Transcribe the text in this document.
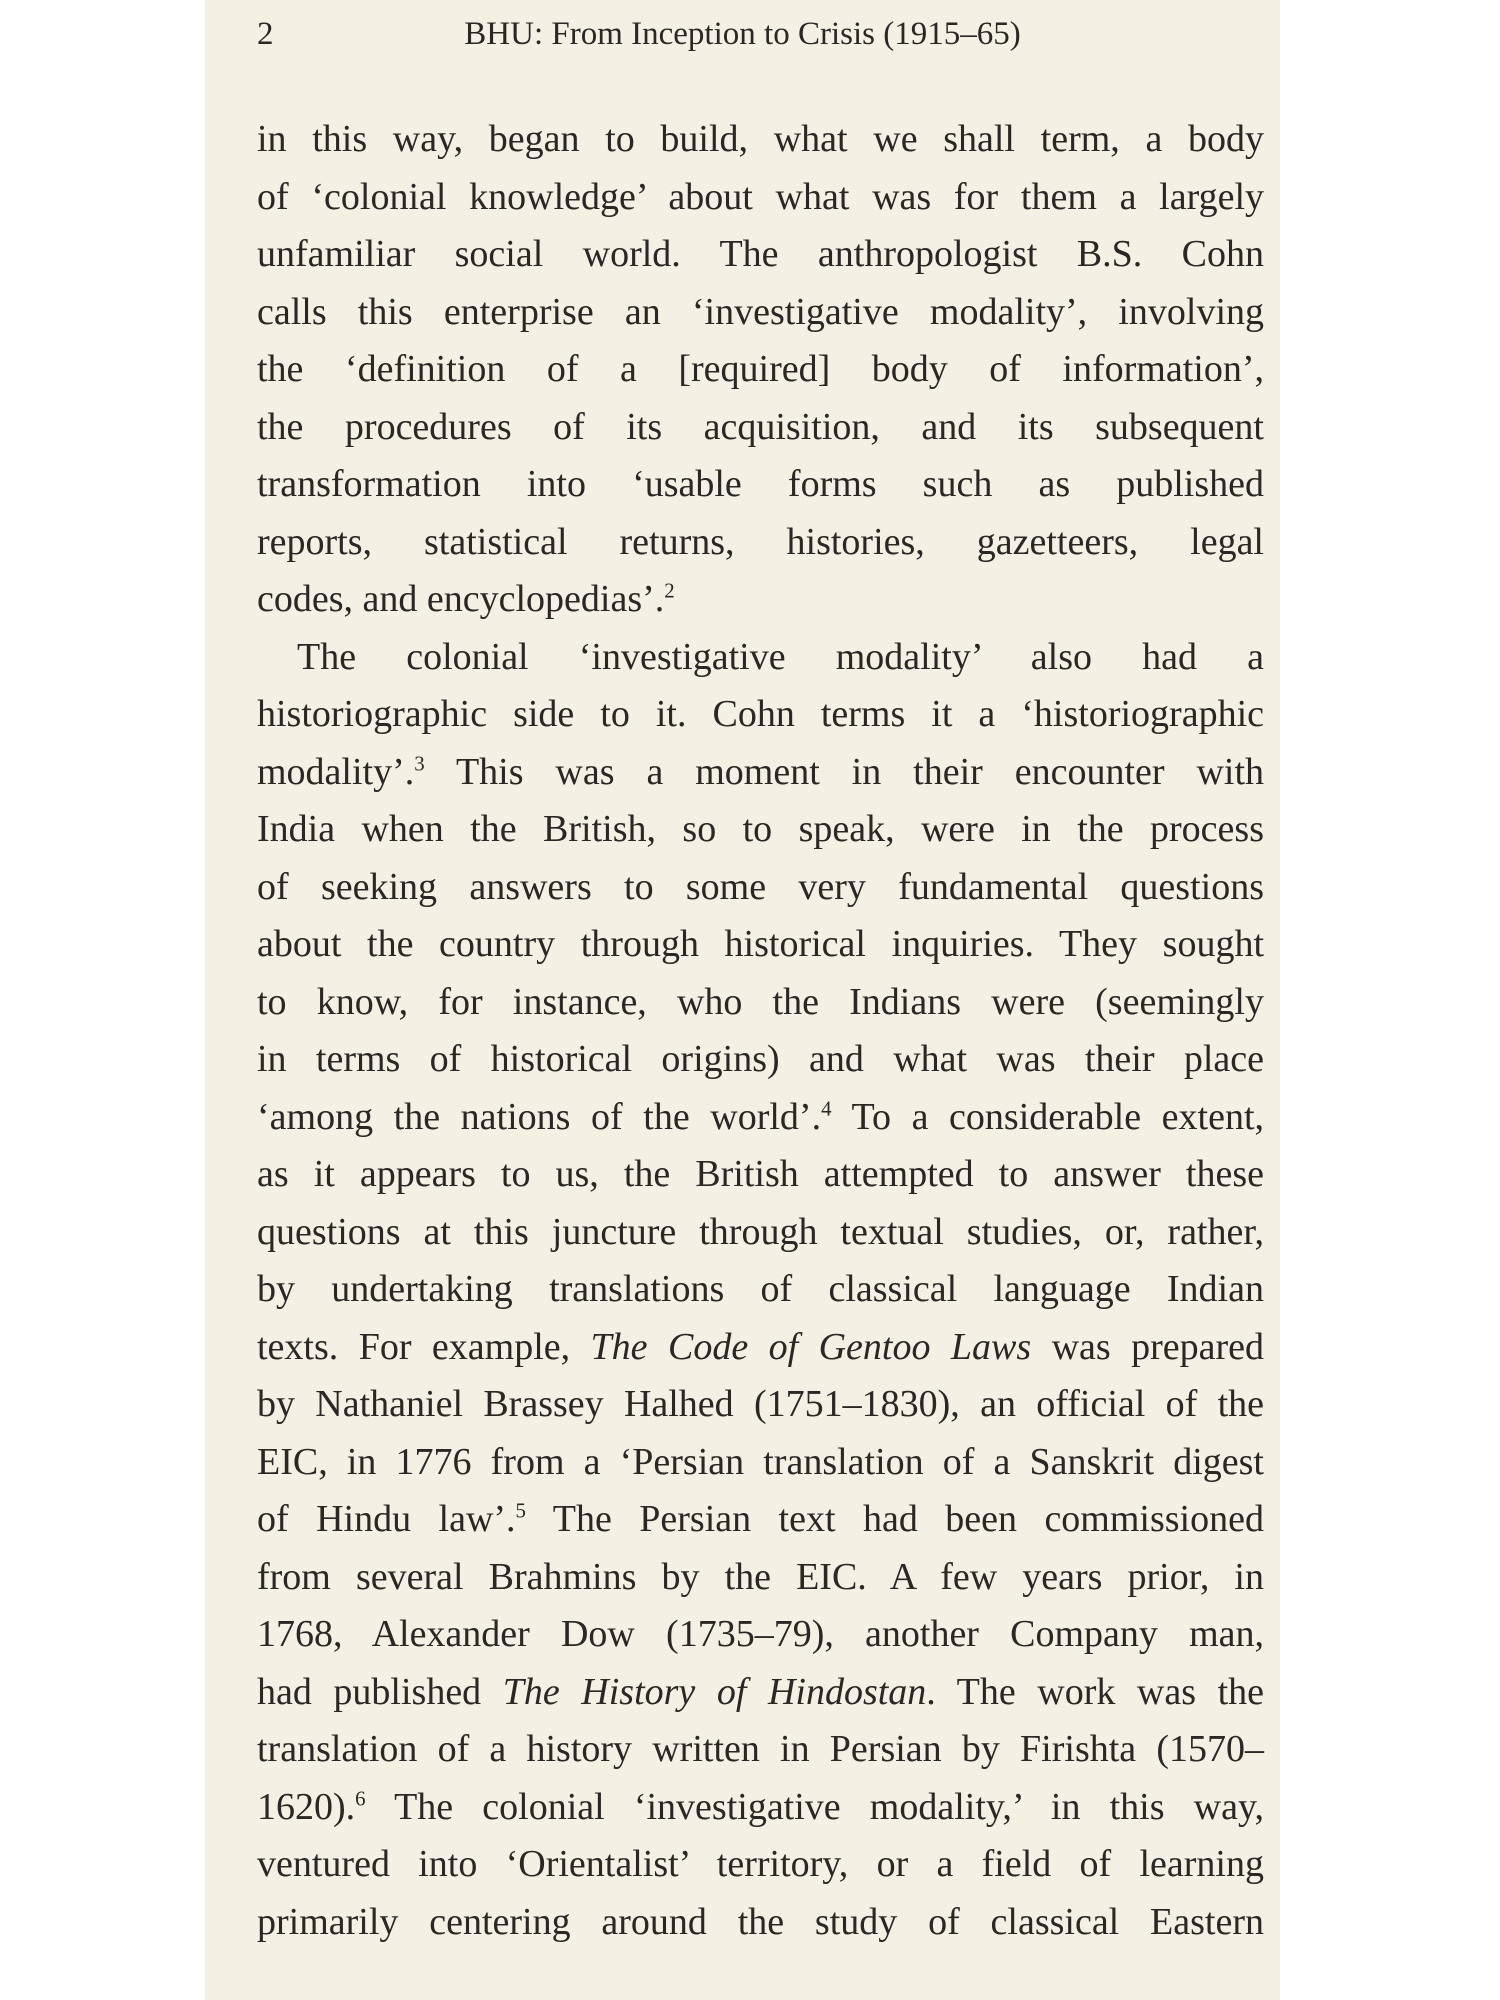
2	BHU: From Inception to Crisis (1915–65)
in this way, began to build, what we shall term, a body
of ‘colonial knowledge’ about what was for them a largely
unfamiliar social world. The anthropologist B.S. Cohn
calls this enterprise an ‘investigative modality’, involving
the ‘definition of a [required] body of information’,
the procedures of its acquisition, and its subsequent
transformation into ‘usable forms such as published
reports, statistical returns, histories, gazetteers, legal
codes, and encyclopedias’.$^2$
The colonial ‘investigative modality’ also had a
historiographic side to it. Cohn terms it a ‘historiographic
modality’.$^3$ This was a moment in their encounter with
India when the British, so to speak, were in the process
of seeking answers to some very fundamental questions
about the country through historical inquiries. They sought
to know, for instance, who the Indians were (seemingly
in terms of historical origins) and what was their place
‘among the nations of the world’.$^4$ To a considerable extent,
as it appears to us, the British attempted to answer these
questions at this juncture through textual studies, or, rather,
by undertaking translations of classical language Indian
texts. For example, The Code of Gentoo Laws was prepared
by Nathaniel Brassey Halhed (1751–1830), an official of the
EIC, in 1776 from a ‘Persian translation of a Sanskrit digest
of Hindu law’.$^5$ The Persian text had been commissioned
from several Brahmins by the EIC. A few years prior, in
1768, Alexander Dow (1735–79), another Company man,
had published The History of Hindostan. The work was the
translation of a history written in Persian by Firishta (1570–
1620).$^6$ The colonial ‘investigative modality,’ in this way,
ventured into ‘Orientalist’ territory, or a field of learning
primarily centering around the study of classical Eastern
